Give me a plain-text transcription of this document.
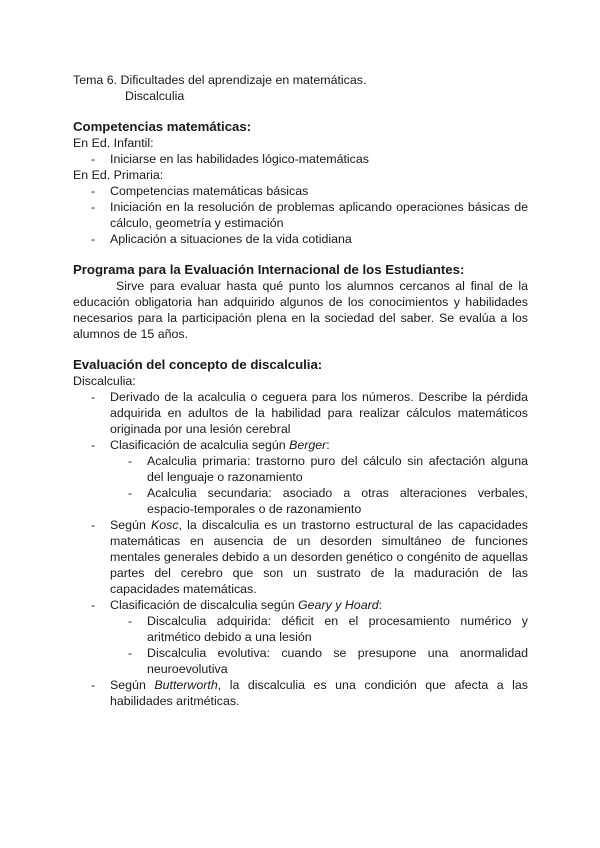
Tema 6. Dificultades del aprendizaje en matemáticas.

Discalculia

Competencias matemáticas:

En Ed. Infantil:

- Iniciarse en las habilidades lógico-matemáticas

En Ed. Primaria:

- Competencias matemáticas básicas
- Iniciación en la resolución de problemas aplicando operaciones básicas de cálculo, geometría y estimación
- Aplicación a situaciones de la vida cotidiana
Programa para la Evaluación Internacional de los Estudiantes:

Sirve para evaluar hasta qué punto los alumnos cercanos al final de la educación obligatoria han adquirido algunos de los conocimientos y habilidades necesarios para la participación plena en la sociedad del saber. Se evalúa a los alumnos de 15 años.

Evaluación del concepto de discalculia:

Discalculia:

- Derivado de la acalculia o ceguera para los números. Describe la pérdida adquirida en adultos de la habilidad para realizar cálculos matemáticos originada por una lesión cerebral
- Clasificación de acalculia según Berger:
- Acalculia primaria: trastorno puro del cálculo sin afectación alguna del lenguaje o razonamiento
- Acalculia secundaria: asociado a otras alteraciones verbales, espacio-temporales o de razonamiento
- Según Kosc, la discalculia es un trastorno estructural de las capacidades matemáticas en ausencia de un desorden simultáneo de funciones mentales generales debido a un desorden genético o congénito de aquellas partes del cerebro que son un sustrato de la maduración de las capacidades matemáticas.
- Clasificación de discalculia según Geary y Hoard:
- Discalculia adquirida: déficit en el procesamiento numérico y aritmético debido a una lesión
- Discalculia evolutiva: cuando se presupone una anormalidad neuroevolutiva
- Según Butterworth, la discalculia es una condición que afecta a las habilidades aritméticas.
